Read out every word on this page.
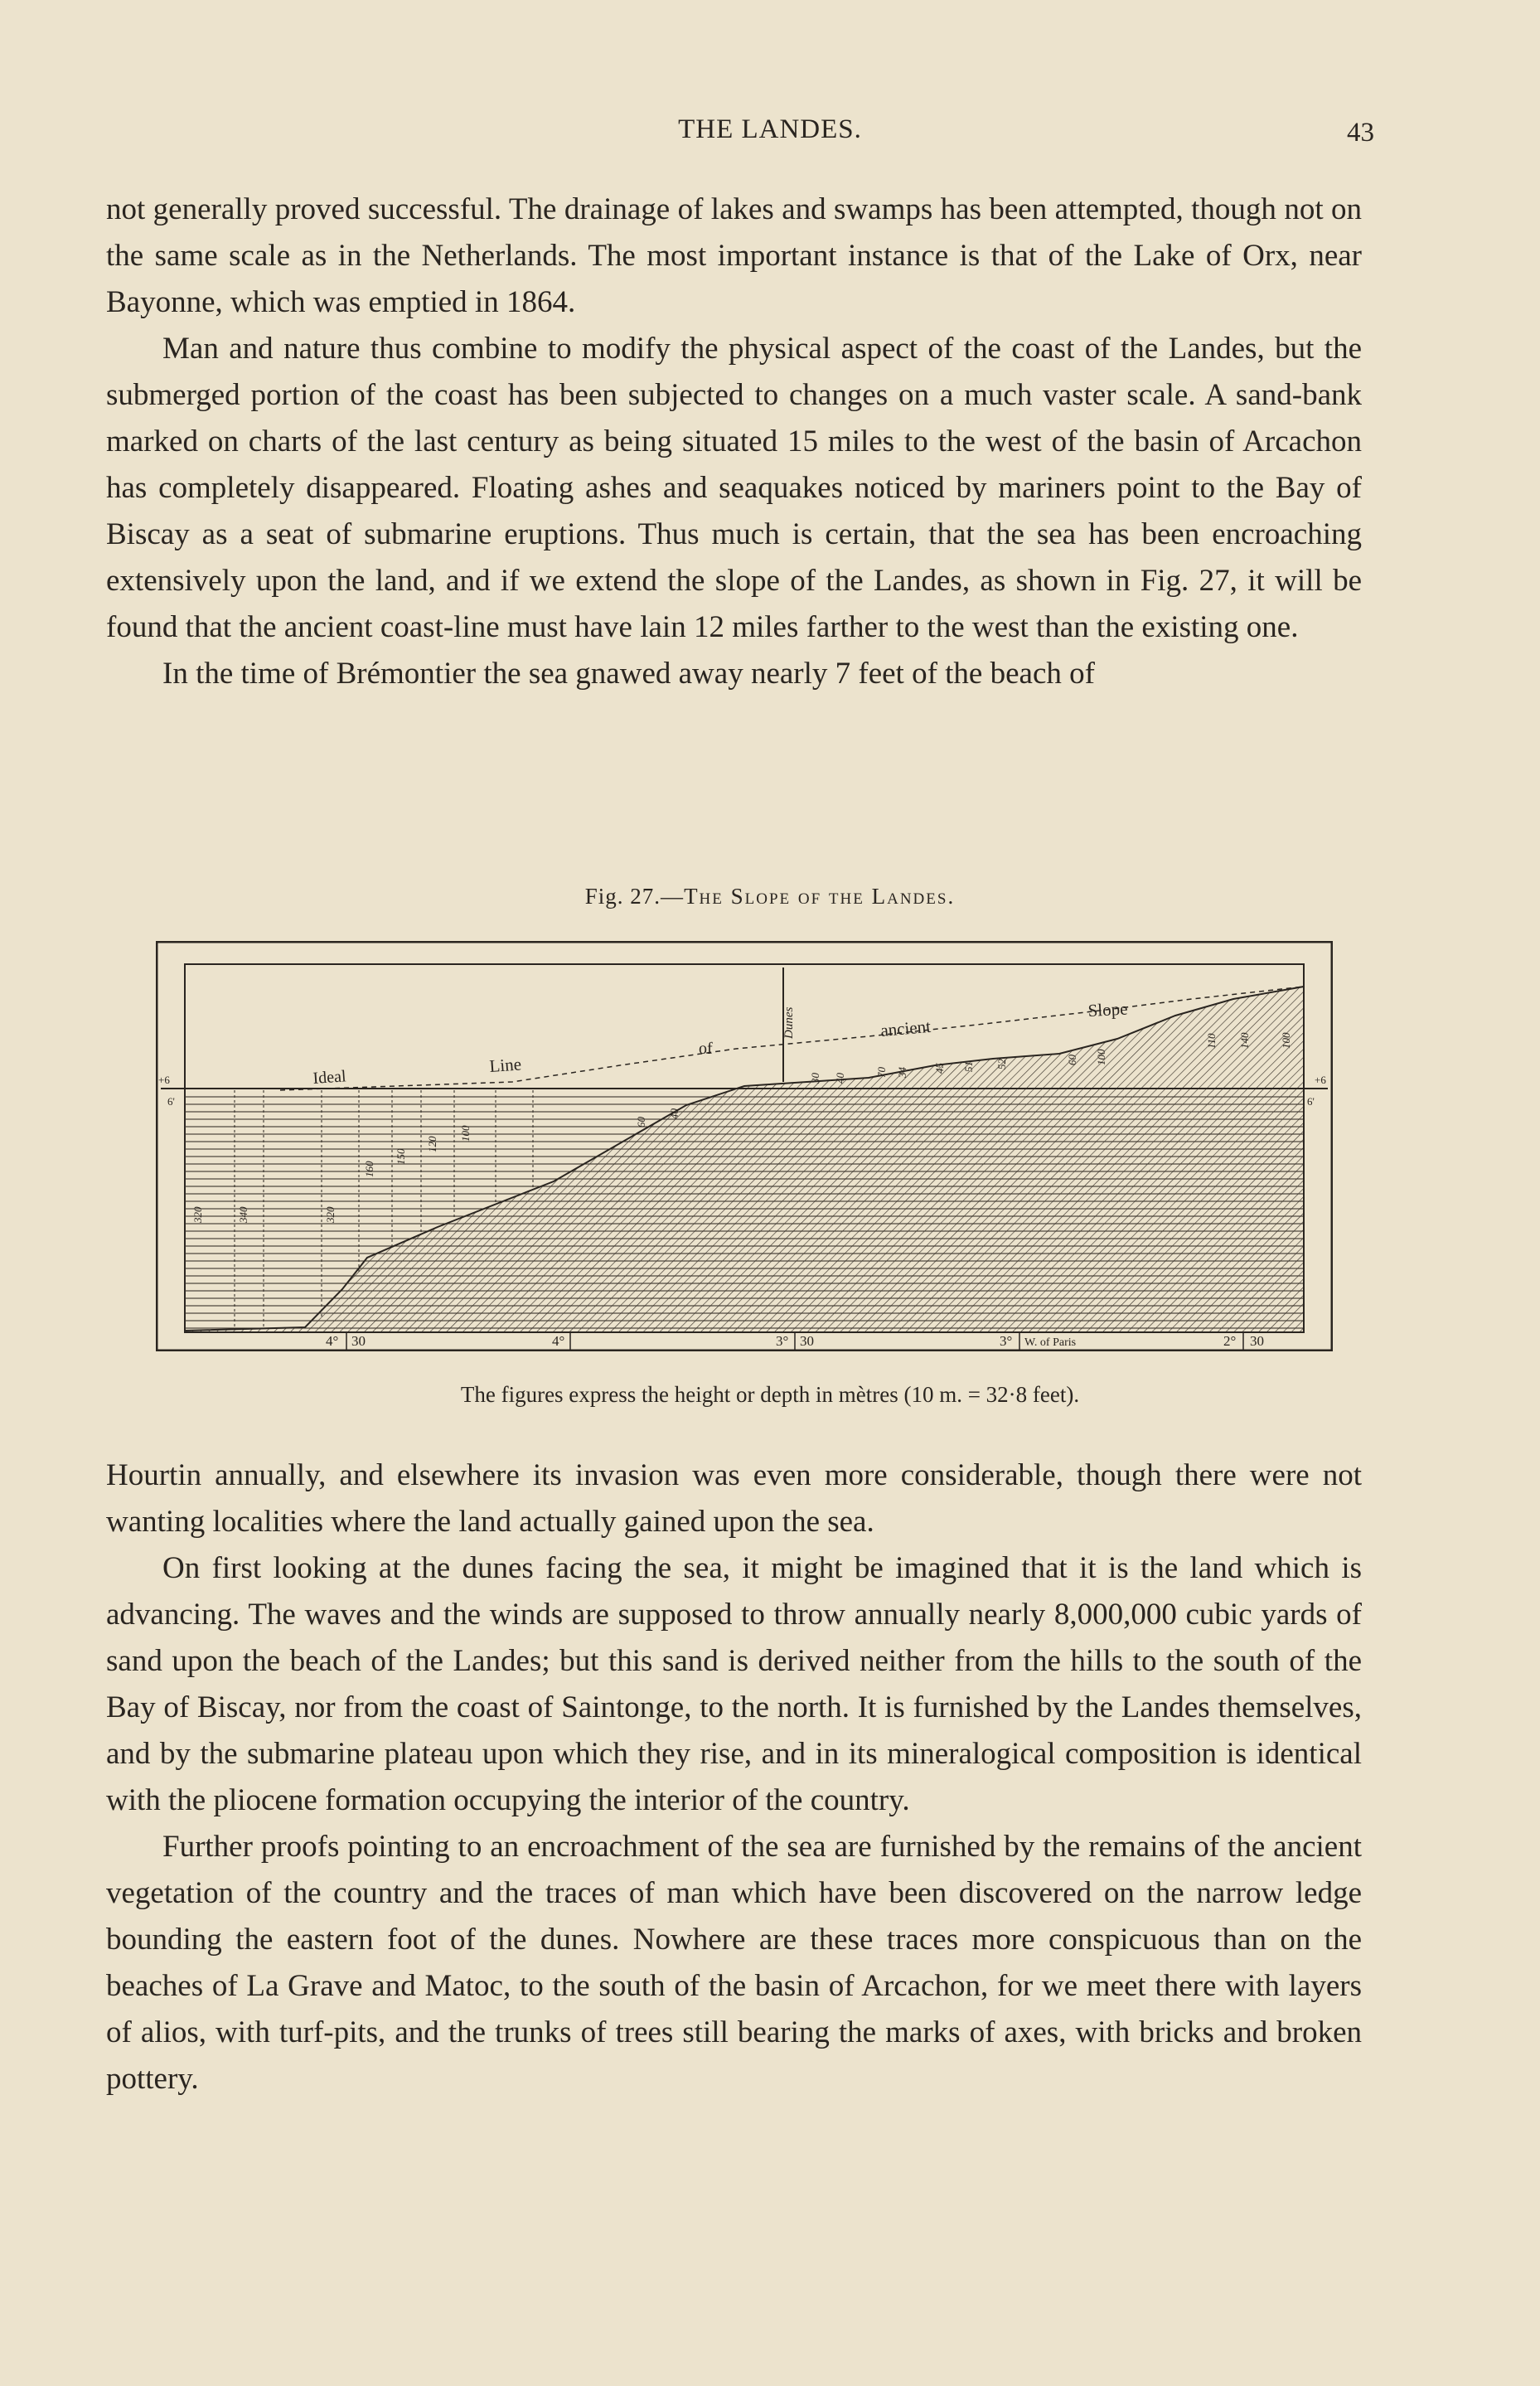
THE LANDES.	43

not generally proved successful. The drainage of lakes and swamps has been attempted, though not on the same scale as in the Netherlands. The most important instance is that of the Lake of Orx, near Bayonne, which was emptied in 1864.

Man and nature thus combine to modify the physical aspect of the coast of the Landes, but the submerged portion of the coast has been subjected to changes on a much vaster scale. A sand-bank marked on charts of the last century as being situated 15 miles to the west of the basin of Arcachon has completely disappeared. Floating ashes and seaquakes noticed by mariners point to the Bay of Biscay as a seat of submarine eruptions. Thus much is certain, that the sea has been encroaching extensively upon the land, and if we extend the slope of the Landes, as shown in Fig. 27, it will be found that the ancient coast-line must have lain 12 miles farther to the west than the existing one.

In the time of Brémontier the sea gnawed away nearly 7 feet of the beach of

Fig. 27.—The Slope of the Landes.
Ideal
Line
of
ancient
Slope
Dunes
+6
6'
+6
6'
320	340	320
160
150
120
100
60
40
30 40
70 34 45 51 52	60 100
110 140	100
4° 30	4°	3° 30	3° W. of Paris	2° 30
The figures express the height or depth in mètres (10 m. = 32·8 feet).

Hourtin annually, and elsewhere its invasion was even more considerable, though there were not wanting localities where the land actually gained upon the sea.

On first looking at the dunes facing the sea, it might be imagined that it is the land which is advancing. The waves and the winds are supposed to throw annually nearly 8,000,000 cubic yards of sand upon the beach of the Landes; but this sand is derived neither from the hills to the south of the Bay of Biscay, nor from the coast of Saintonge, to the north. It is furnished by the Landes themselves, and by the submarine plateau upon which they rise, and in its mineralogical composition is identical with the pliocene formation occupying the interior of the country.

Further proofs pointing to an encroachment of the sea are furnished by the remains of the ancient vegetation of the country and the traces of man which have been discovered on the narrow ledge bounding the eastern foot of the dunes. Nowhere are these traces more conspicuous than on the beaches of La Grave and Matoc, to the south of the basin of Arcachon, for we meet there with layers of alios, with turf-pits, and the trunks of trees still bearing the marks of axes, with bricks and broken pottery.
